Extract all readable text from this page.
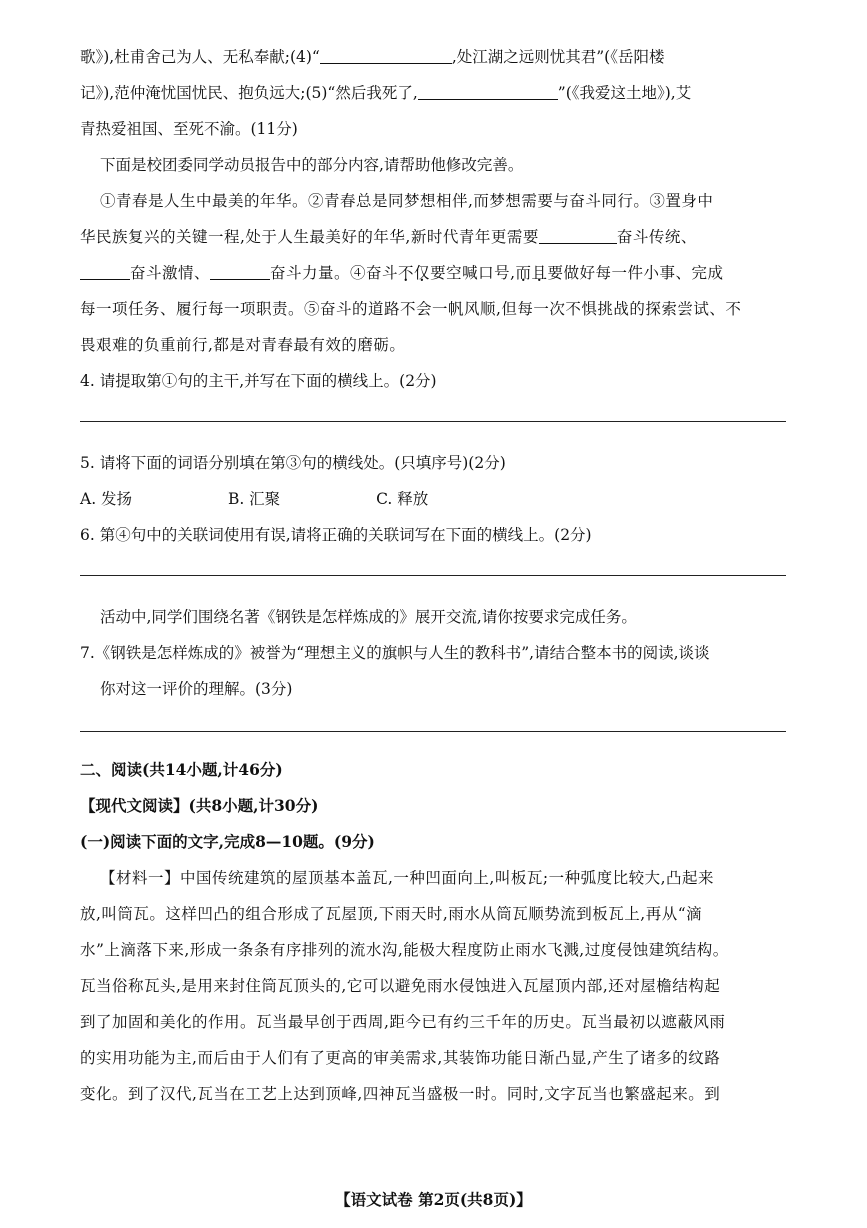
歌》),杜甫舍己为人、无私奉献;(4)“	,处江湖之远则忧其君”(《岳阳楼
记》),范仲淹忧国忧民、抱负远大;(5)“然后我死了,	”(《我爱这土地》),艾
青热爱祖国、至死不渝。(11分)
下面是校团委同学动员报告中的部分内容,请帮助他修改完善。
①青春是人生中最美的年华。②青春总是同梦想相伴,而梦想需要与奋斗同行。③置身中
华民族复兴的关键一程,处于人生最美好的年华,新时代青年更需要	奋斗传统、
奋斗激情、	奋斗力量。④奋斗不仅要空喊口号,而且要做好每一件小事、完成
每一项任务、履行每一项职责。⑤奋斗的道路不会一帆风顺,但每一次不惧挑战的探索尝试、不
畏艰难的负重前行,都是对青春最有效的磨砺。
4. 请提取第①句的主干,并写在下面的横线上。(2分)
5. 请将下面的词语分别填在第③句的横线处。(只填序号)(2分)
A. 发扬	B. 汇聚	C. 释放
6. 第④句中的关联词使用有误,请将正确的关联词写在下面的横线上。(2分)
活动中,同学们围绕名著《钢铁是怎样炼成的》展开交流,请你按要求完成任务。
7.《钢铁是怎样炼成的》被誉为“理想主义的旗帜与人生的教科书”,请结合整本书的阅读,谈谈
你对这一评价的理解。(3分)
二、阅读(共14小题,计46分)
【现代文阅读】(共8小题,计30分)
(一)阅读下面的文字,完成8—10题。(9分)
【材料一】中国传统建筑的屋顶基本盖瓦,一种凹面向上,叫板瓦;一种弧度比较大,凸起来
放,叫筒瓦。这样凹凸的组合形成了瓦屋顶,下雨天时,雨水从筒瓦顺势流到板瓦上,再从“滴
水”上滴落下来,形成一条条有序排列的流水沟,能极大程度防止雨水飞溅,过度侵蚀建筑结构。
瓦当俗称瓦头,是用来封住筒瓦顶头的,它可以避免雨水侵蚀进入瓦屋顶内部,还对屋檐结构起
到了加固和美化的作用。瓦当最早创于西周,距今已有约三千年的历史。瓦当最初以遮蔽风雨
的实用功能为主,而后由于人们有了更高的审美需求,其装饰功能日渐凸显,产生了诸多的纹路
变化。到了汉代,瓦当在工艺上达到顶峰,四神瓦当盛极一时。同时,文字瓦当也繁盛起来。到
【语文试卷 第2页(共8页)】
